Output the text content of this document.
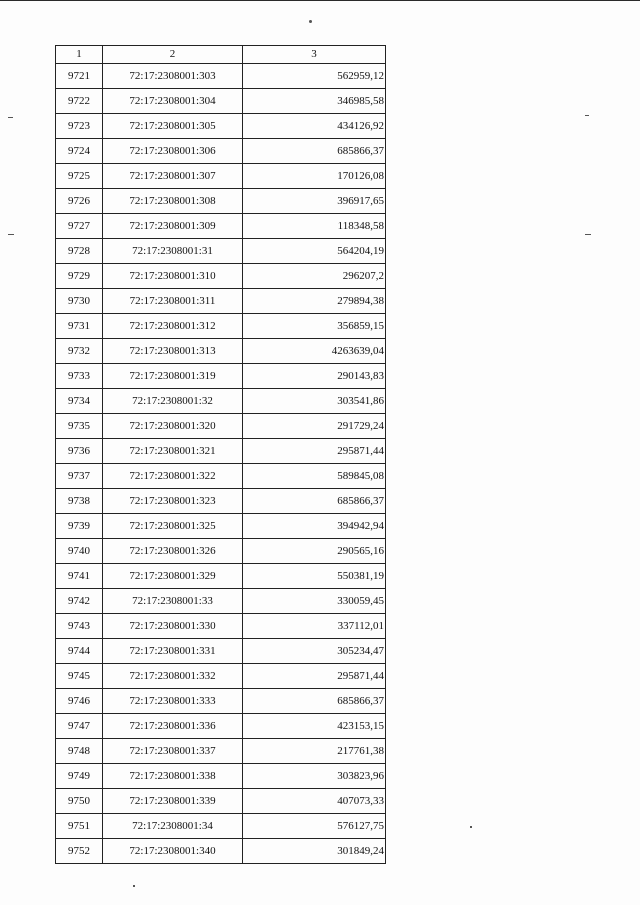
1	2	3
9721	72:17:2308001:303	562959,12
9722	72:17:2308001:304	346985,58
9723	72:17:2308001:305	434126,92
9724	72:17:2308001:306	685866,37
9725	72:17:2308001:307	170126,08
9726	72:17:2308001:308	396917,65
9727	72:17:2308001:309	118348,58
9728	72:17:2308001:31	564204,19
9729	72:17:2308001:310	296207,2
9730	72:17:2308001:311	279894,38
9731	72:17:2308001:312	356859,15
9732	72:17:2308001:313	4263639,04
9733	72:17:2308001:319	290143,83
9734	72:17:2308001:32	303541,86
9735	72:17:2308001:320	291729,24
9736	72:17:2308001:321	295871,44
9737	72:17:2308001:322	589845,08
9738	72:17:2308001:323	685866,37
9739	72:17:2308001:325	394942,94
9740	72:17:2308001:326	290565,16
9741	72:17:2308001:329	550381,19
9742	72:17:2308001:33	330059,45
9743	72:17:2308001:330	337112,01
9744	72:17:2308001:331	305234,47
9745	72:17:2308001:332	295871,44
9746	72:17:2308001:333	685866,37
9747	72:17:2308001:336	423153,15
9748	72:17:2308001:337	217761,38
9749	72:17:2308001:338	303823,96
9750	72:17:2308001:339	407073,33
9751	72:17:2308001:34	576127,75
9752	72:17:2308001:340	301849,24
